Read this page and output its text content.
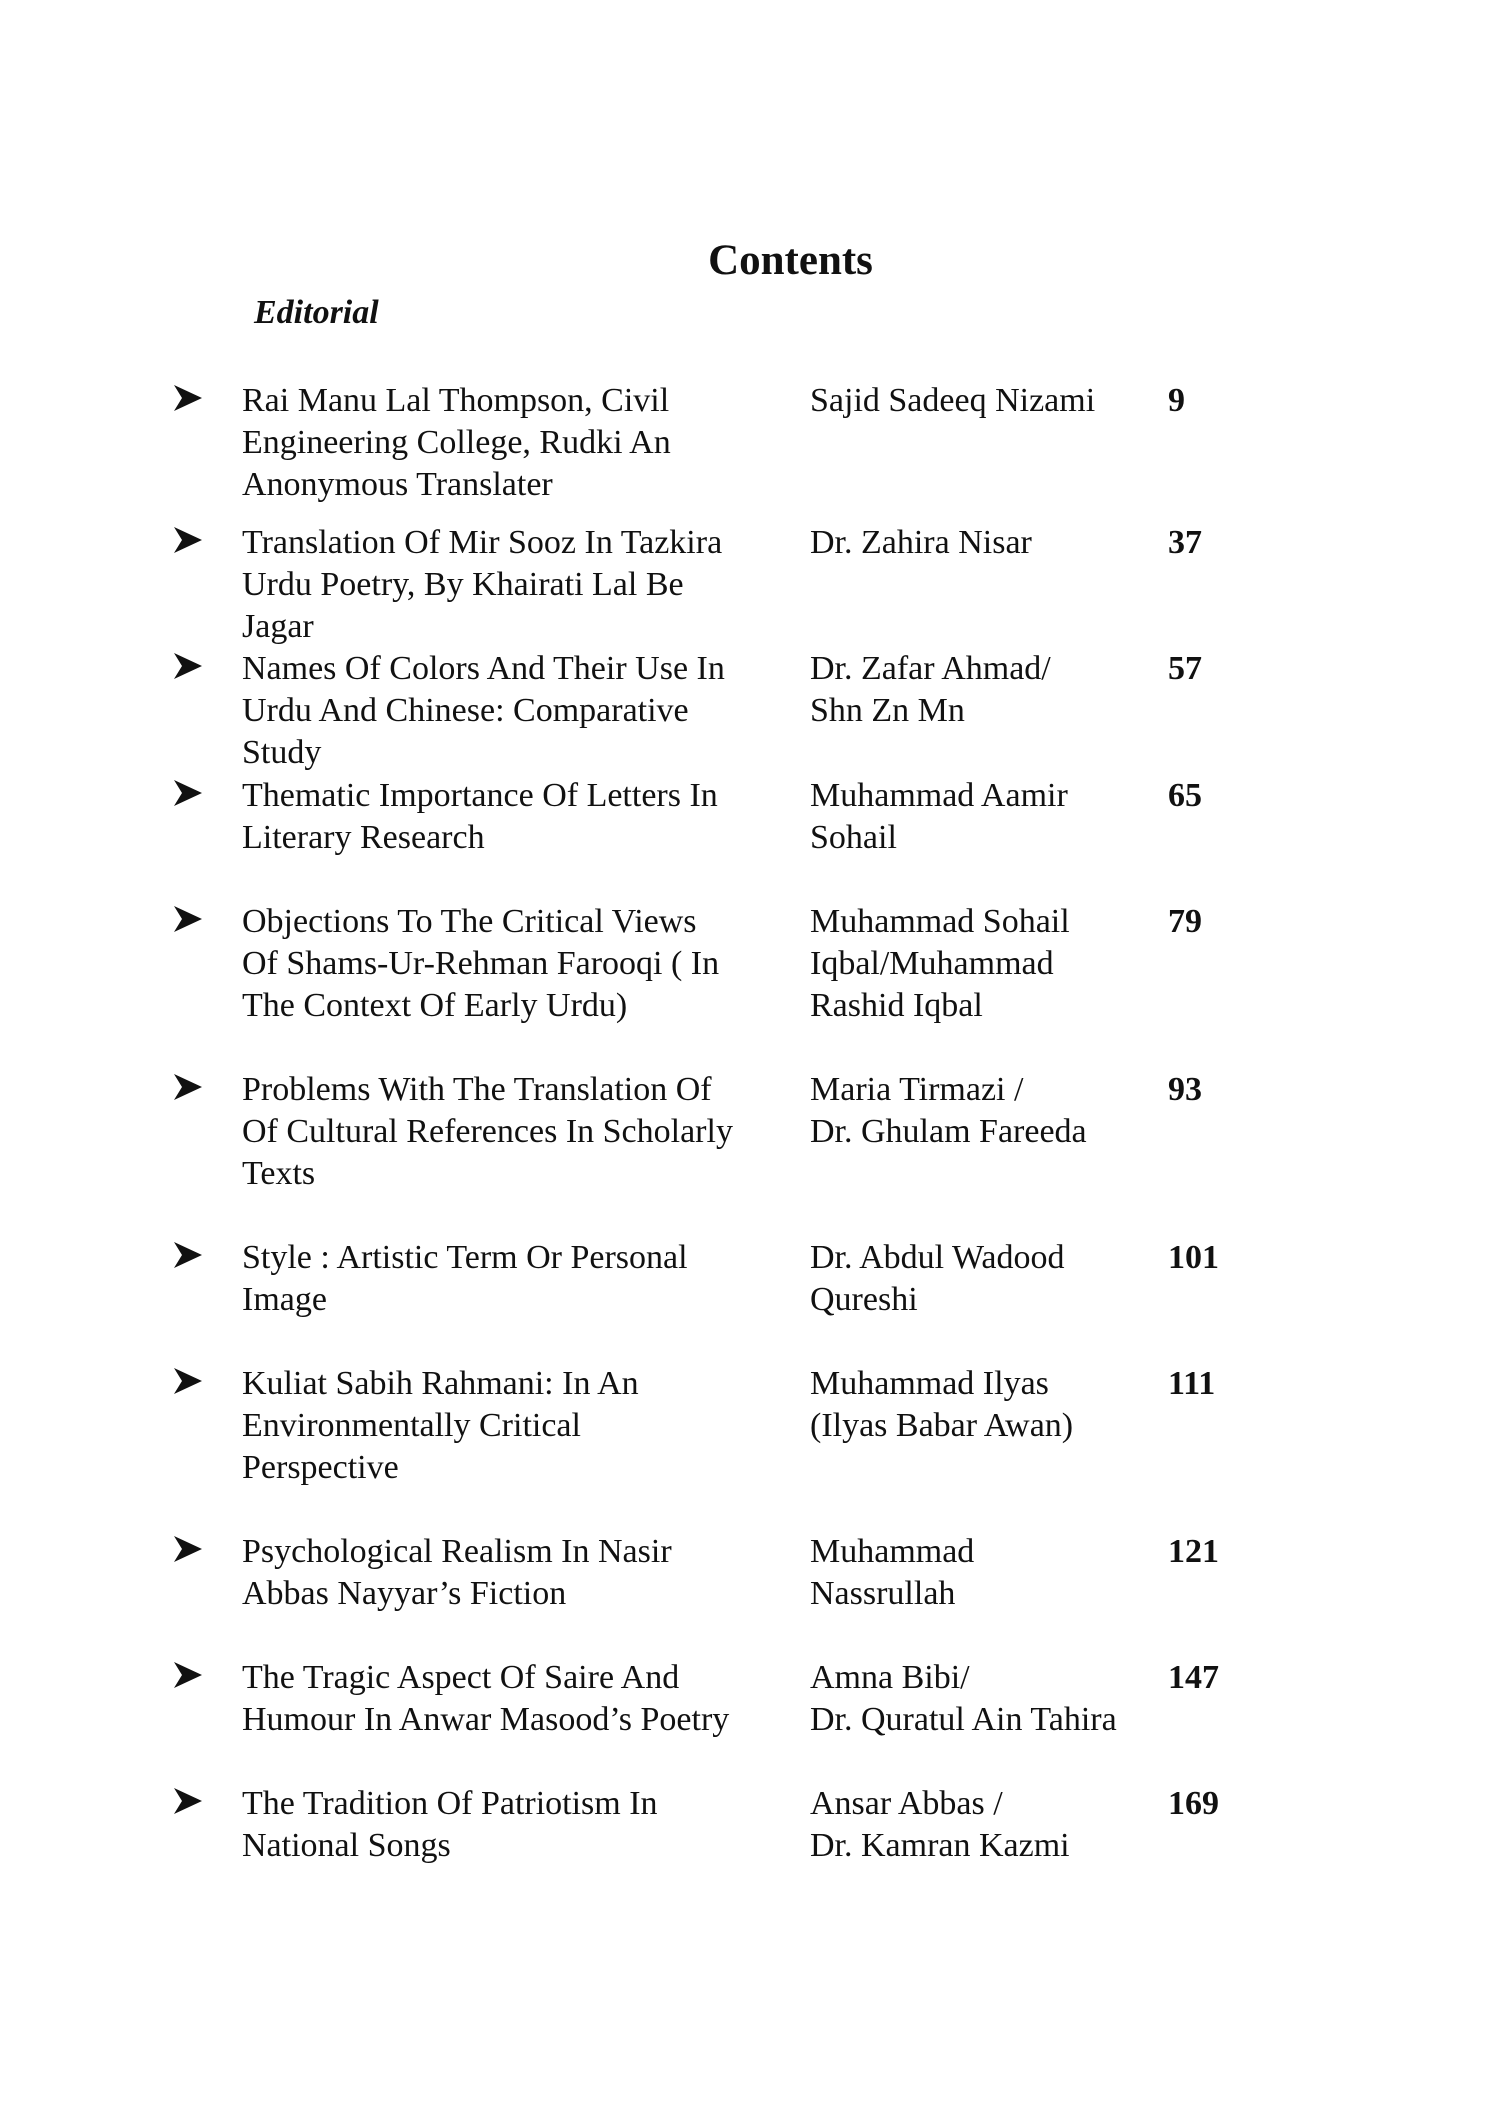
Contents
Editorial
Rai Manu Lal Thompson, Civil
Engineering College, Rudki An
Anonymous Translater
Sajid Sadeeq Nizami	9
Translation Of Mir Sooz In Tazkira
Urdu Poetry, By Khairati Lal Be
Jagar
Dr. Zahira Nisar	37
Names Of Colors And Their Use In
Urdu And Chinese: Comparative
Study
Dr. Zafar Ahmad/
Shn Zn Mn
57
Thematic Importance Of Letters In
Literary Research
Muhammad Aamir
Sohail
65
Objections To The Critical Views
Of Shams-Ur-Rehman Farooqi ( In
The Context Of Early Urdu)
Muhammad Sohail
Iqbal/Muhammad
Rashid Iqbal
79
Problems With The Translation Of
Of Cultural References In Scholarly
Texts
Maria Tirmazi /
Dr. Ghulam Fareeda
93
Style : Artistic Term Or Personal
Image
Dr. Abdul Wadood
Qureshi
101
Kuliat Sabih Rahmani: In An
Environmentally Critical
Perspective
Muhammad Ilyas
(Ilyas Babar Awan)
111
Psychological Realism In Nasir
Abbas Nayyar’s Fiction
Muhammad
Nassrullah
121
The Tragic Aspect Of Saire And
Humour In Anwar Masood’s Poetry
Amna Bibi/
Dr. Quratul Ain Tahira
147
The Tradition Of Patriotism In
National Songs
Ansar Abbas /
Dr. Kamran Kazmi
169
